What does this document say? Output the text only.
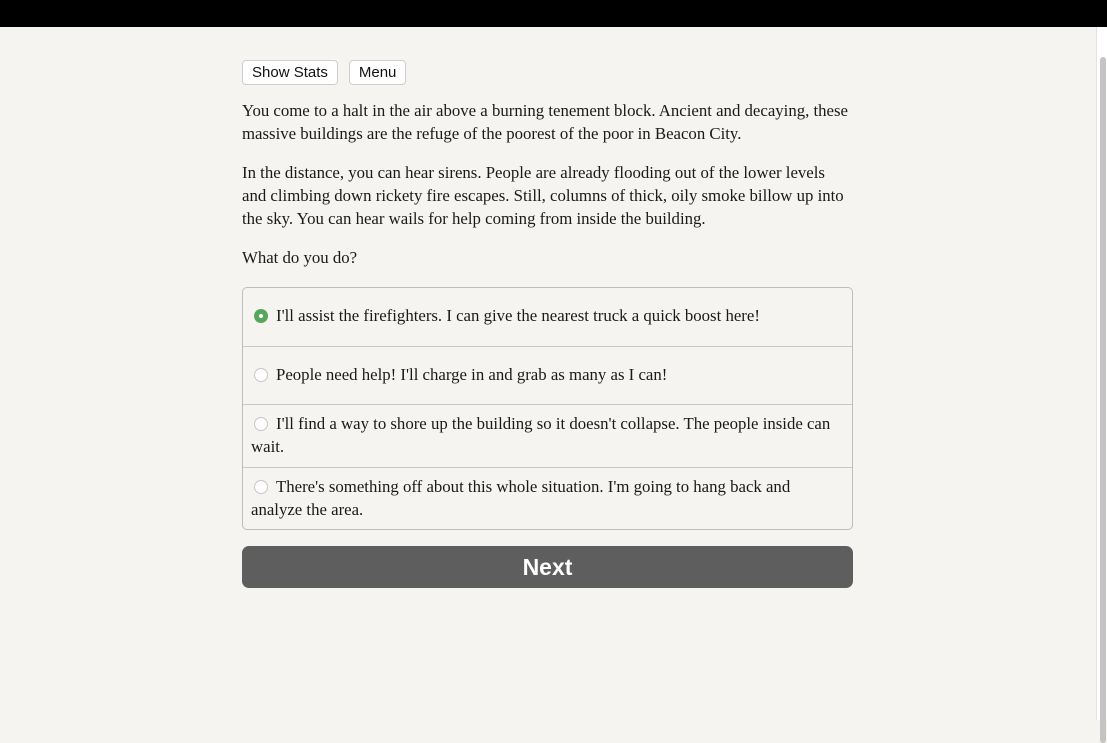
Show Stats	Menu

You come to a halt in the air above a burning tenement block. Ancient and decaying, these massive buildings are the refuge of the poorest of the poor in Beacon City.

In the distance, you can hear sirens. People are already flooding out of the lower levels and climbing down rickety fire escapes. Still, columns of thick, oily smoke billow up into the sky. You can hear wails for help coming from inside the building.

What do you do?

I'll assist the firefighters. I can give the nearest truck a quick boost here!
People need help! I'll charge in and grab as many as I can!
I'll find a way to shore up the building so it doesn't collapse. The people inside can wait.
There's something off about this whole situation. I'm going to hang back and analyze the area.
Next
